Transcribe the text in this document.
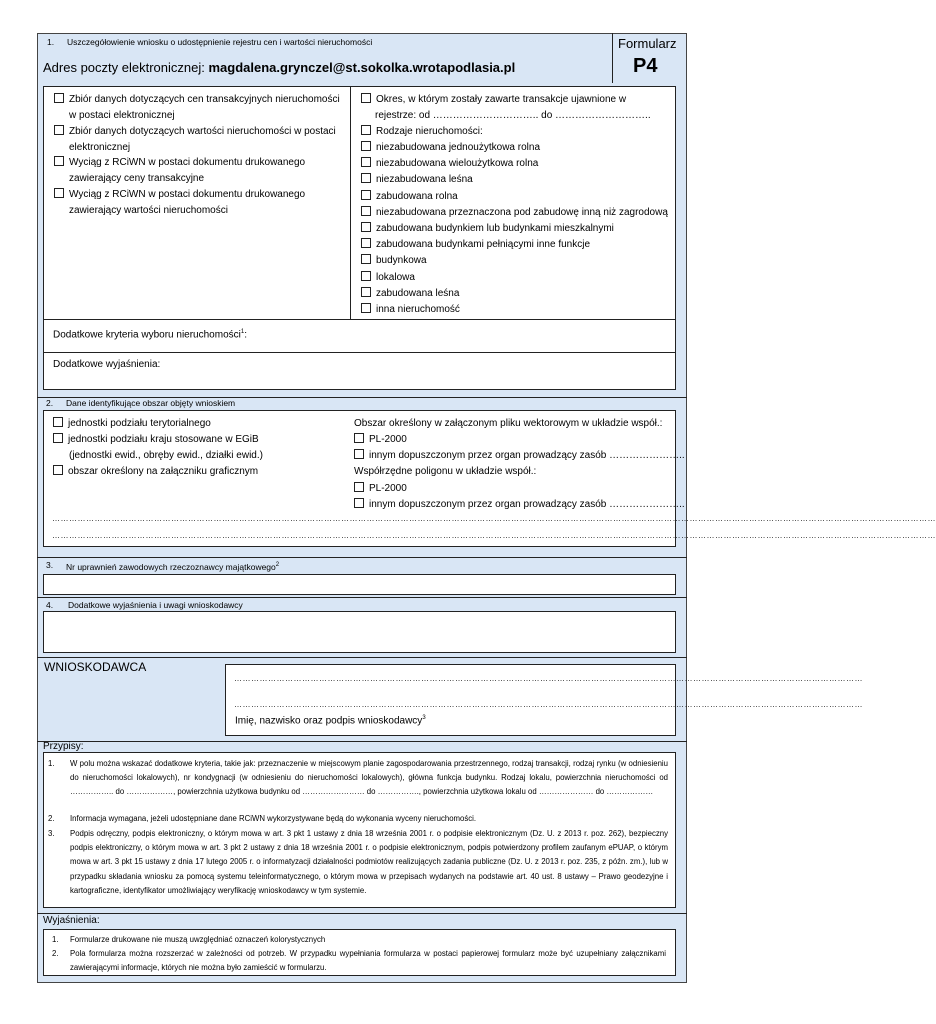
1. Uszczegółowienie wniosku o udostępnienie rejestru cen i wartości nieruchomości	Formularz
P4
Adres poczty elektronicznej: magdalena.grynczel@st.sokolka.wrotapodlasia.pl
Zbiór danych dotyczących cen transakcyjnych nieruchomości
w postaci elektronicznej
Zbiór danych dotyczących wartości nieruchomości w postaci
elektronicznej
Wyciąg z RCiWN w postaci dokumentu drukowanego
zawierający ceny transakcyjne
Wyciąg z RCiWN w postaci dokumentu drukowanego
zawierający wartości nieruchomości
Okres, w którym zostały zawarte transakcje ujawnione w
rejestrze: od ………………………….. do ………………………..
Rodzaje nieruchomości:
niezabudowana jednoużytkowa rolna
niezabudowana wieloużytkowa rolna
niezabudowana leśna
zabudowana rolna
niezabudowana przeznaczona pod zabudowę inną niż zagrodową
zabudowana budynkiem lub budynkami mieszkalnymi
zabudowana budynkami pełniącymi inne funkcje
budynkowa
lokalowa
zabudowana leśna
inna nieruchomość
Dodatkowe kryteria wyboru nieruchomości$^1$:
Dodatkowe wyjaśnienia:
2. Dane identyfikujące obszar objęty wnioskiem
jednostki podziału terytorialnego
jednostki podziału kraju stosowane w EGiB
(jednostki ewid., obręby ewid., działki ewid.)
obszar określony na załączniku graficznym
Obszar określony w załączonym pliku wektorowym w układzie współ.:
PL-2000
innym dopuszczonym przez organ prowadzący zasób …………………..
Współrzędne poligonu w układzie współ.:
PL-2000
innym dopuszczonym przez organ prowadzący zasób …………………..
……………………………………………………………………………………………………………………………………………………………………………………………………………………………………………………………………………………
……………………………………………………………………………………………………………………………………………………………………………………………………………………………………………………………………………………
3. Nr uprawnień zawodowych rzeczoznawcy majątkowego$^2$
4. Dodatkowe wyjaśnienia i uwagi wnioskodawcy
WNIOSKODAWCA
……………………………………………………………………………………………………………………………………………………………………………………………………
……………………………………………………………………………………………………………………………………………………………………………………………………
Imię, nazwisko oraz podpis wnioskodawcy$^3$
Przypisy:
1. W polu można wskazać dodatkowe kryteria, takie jak: przeznaczenie w miejscowym planie zagospodarowania przestrzennego, rodzaj transakcji, rodzaj rynku (w odniesieniu do nieruchomości lokalowych), nr kondygnacji (w odniesieniu do nieruchomości lokalowych), główna funkcja budynku. Rodzaj lokalu, powierzchnia nieruchomości od …………….. do ………………, powierzchnia użytkowa budynku od …………………… do ……………., powierzchnia użytkowa lokalu od ………………… do ………………
2. Informacja wymagana, jeżeli udostępniane dane RCiWN wykorzystywane będą do wykonania wyceny nieruchomości.
3. Podpis odręczny, podpis elektroniczny, o którym mowa w art. 3 pkt 1 ustawy z dnia 18 września 2001 r. o podpisie elektronicznym (Dz. U. z 2013 r. poz. 262), bezpieczny podpis elektroniczny, o którym mowa w art. 3 pkt 2 ustawy z dnia 18 września 2001 r. o podpisie elektronicznym, podpis potwierdzony profilem zaufanym ePUAP, o którym mowa w art. 3 pkt 15 ustawy z dnia 17 lutego 2005 r. o informatyzacji działalności podmiotów realizujących zadania publiczne (Dz. U. z 2013 r. poz. 235, z późn. zm.), lub w przypadku składania wniosku za pomocą systemu teleinformatycznego, o którym mowa w przepisach wydanych na podstawie art. 40 ust. 8 ustawy – Prawo geodezyjne i kartograficzne, identyfikator umożliwiający weryfikację wnioskodawcy w tym systemie.
Wyjaśnienia:
1. Formularze drukowane nie muszą uwzględniać oznaczeń kolorystycznych
2. Pola formularza można rozszerzać w zależności od potrzeb. W przypadku wypełniania formularza w postaci papierowej formularz może być uzupełniany załącznikami zawierającymi informacje, których nie można było zamieścić w formularzu.
